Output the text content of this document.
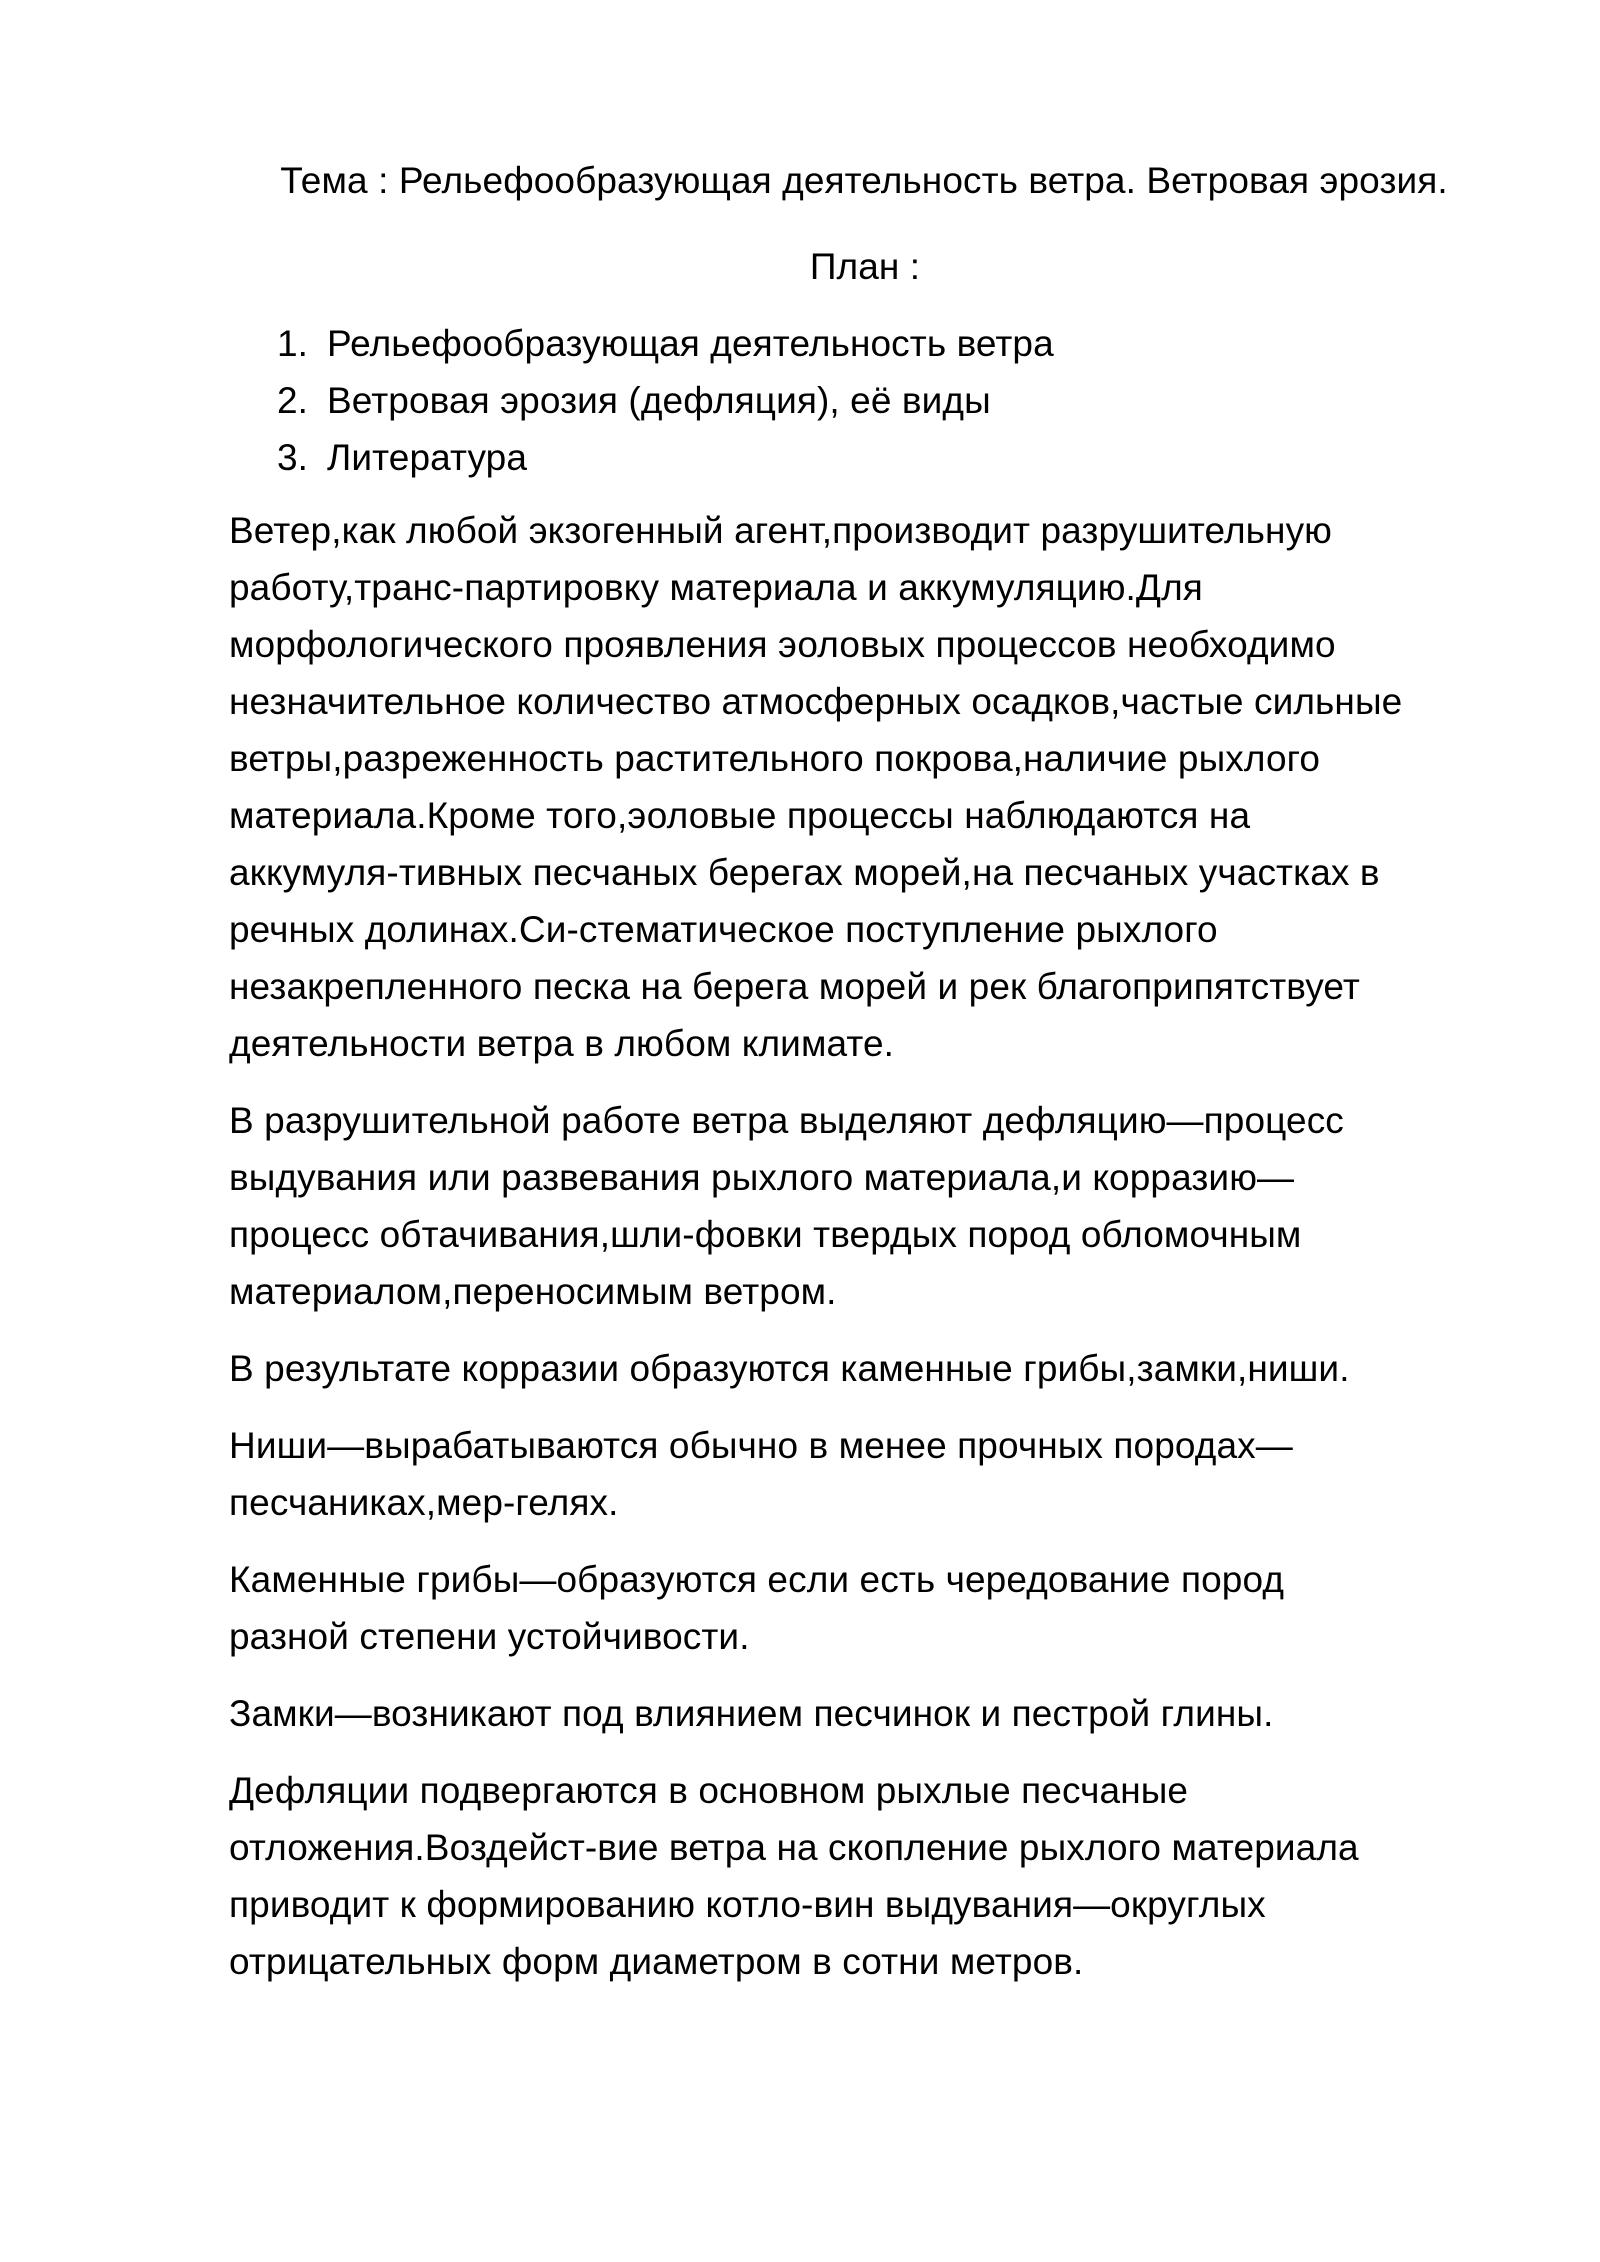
Тема : Рельефообразующая деятельность ветра. Ветровая эрозия.
План :
1. Рельефообразующая деятельность ветра
2. Ветровая эрозия (дефляция), её виды
3. Литература
Ветер,как любой экзогенный агент,производит разрушительную
работу,транс-партировку материала и аккумуляцию.Для
морфологического проявления эоловых процессов необходимо
незначительное количество атмосферных осадков,частые сильные
ветры,разреженность растительного покрова,наличие рыхлого
материала.Кроме того,эоловые процессы наблюдаются на
аккумуля-тивных песчаных берегах морей,на песчаных участках в
речных долинах.Си-стематическое поступление рыхлого
незакрепленного песка на берега морей и рек благоприпятствует
деятельности ветра в любом климате.
В разрушительной работе ветра выделяют дефляцию—процесс
выдувания или развевания рыхлого материала,и корразию—
процесс обтачивания,шли-фовки твердых пород обломочным
материалом,переносимым ветром.
В результате корразии образуются каменные грибы,замки,ниши.
Ниши—вырабатываются обычно в менее прочных породах—
песчаниках,мер-гелях.
Каменные грибы—образуются если есть чередование пород
разной степени устойчивости.
Замки—возникают под влиянием песчинок и пестрой глины.
Дефляции подвергаются в основном рыхлые песчаные
отложения.Воздейст-вие ветра на скопление рыхлого материала
приводит к формированию котло-вин выдувания—округлых
отрицательных форм диаметром в сотни метров.
